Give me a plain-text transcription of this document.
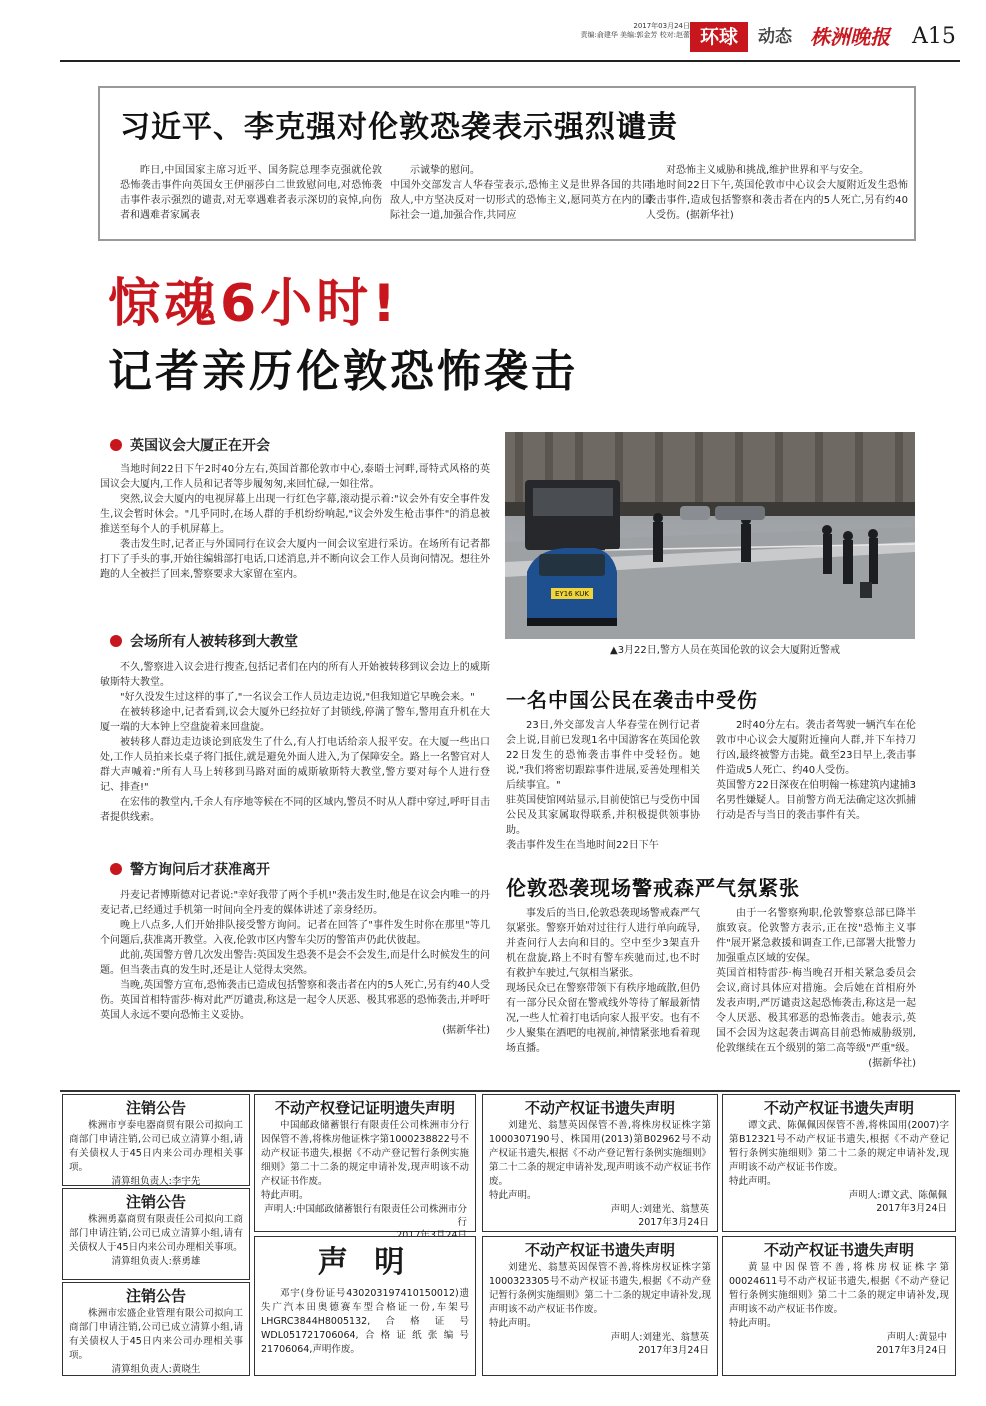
2017年03月24日
责编:俞建华 美编:郭金芳 校对:赵蕾 环球	动态 株洲晚报 A15
习近平、李克强对伦敦恐袭表示强烈谴责

昨日,中国国家主席习近平、国务院总理李克强就伦敦恐怖袭击事件向英国女王伊丽莎白二世致慰问电,对恐怖袭击事件表示强烈的谴责,对无辜遇难者表示深切的哀悼,向伤者和遇难者家属表

示诚挚的慰问。
中国外交部发言人华春莹表示,恐怖主义是世界各国的共同敌人,中方坚决反对一切形式的恐怖主义,愿同英方在内的国际社会一道,加强合作,共同应

对恐怖主义威胁和挑战,维护世界和平与安全。
当地时间22日下午,英国伦敦市中心议会大厦附近发生恐怖袭击事件,造成包括警察和袭击者在内的5人死亡,另有约40人受伤。(据新华社)

惊魂6小时!
记者亲历伦敦恐怖袭击
英国议会大厦正在开会

当地时间22日下午2时40分左右,英国首都伦敦市中心,泰晤士河畔,哥特式风格的英国议会大厦内,工作人员和记者等步履匆匆,来回忙碌,一如往常。

突然,议会大厦内的电视屏幕上出现一行红色字幕,滚动提示着:"议会外有安全事件发生,议会暂时休会。"几乎同时,在场人群的手机纷纷响起,"议会外发生枪击事件"的消息被推送至每个人的手机屏幕上。

袭击发生时,记者正与外国同行在议会大厦内一间会议室进行采访。在场所有记者都打下了手头的事,开始往编辑部打电话,口述消息,并不断向议会工作人员询问情况。想往外跑的人全被拦了回来,警察要求大家留在室内。

会场所有人被转移到大教堂

不久,警察进入议会进行搜查,包括记者们在内的所有人开始被转移到议会边上的威斯敏斯特大教堂。

"好久没发生过这样的事了,"一名议会工作人员边走边说,"但我知道它早晚会来。"

在被转移途中,记者看到,议会大厦外已经拉好了封锁线,停满了警车,警用直升机在大厦一端的大本钟上空盘旋着来回盘旋。

被转移人群边走边谈论到底发生了什么,有人打电话给亲人报平安。在大厦一些出口处,工作人员拍来长桌子将门抵住,就是避免外面人进入,为了保障安全。路上一名警官对人群大声喊着:"所有人马上转移到马路对面的威斯敏斯特大教堂,警方要对每个人进行登记、排查!"

在宏伟的教堂内,千余人有序地等候在不同的区域内,警员不时从人群中穿过,呼吁目击者提供线索。

警方询问后才获准离开

丹麦记者博斯德对记者说:"幸好我带了两个手机!"袭击发生时,他是在议会内唯一的丹麦记者,已经通过手机第一时间向全丹麦的媒体讲述了亲身经历。

晚上八点多,人们开始排队接受警方询问。记者在回答了"事件发生时你在那里"等几个问题后,获准离开教堂。入夜,伦敦市区内警车尖厉的警笛声仍此伏彼起。

此前,英国警方曾几次发出警告:英国发生恐袭不是会不会发生,而是什么时候发生的问题。但当袭击真的发生时,还是让人觉得太突然。

当晚,英国警方宣布,恐怖袭击已造成包括警察和袭击者在内的5人死亡,另有约40人受伤。英国首相特雷莎·梅对此严厉谴责,称这是一起令人厌恶、极其邪恶的恐怖袭击,并呼吁英国人永远不要向恐怖主义妥协。

(据新华社)
EY16 KUK
▲3月22日,警方人员在英国伦敦的议会大厦附近警戒
一名中国公民在袭击中受伤

23日,外交部发言人华春莹在例行记者会上说,目前已发现1名中国游客在英国伦敦22日发生的恐怖袭击事件中受轻伤。她说,"我们将密切跟踪事件进展,妥善处理相关后续事宜。"
驻英国使馆网站显示,目前使馆已与受伤中国公民及其家属取得联系,并积极提供领事协助。
袭击事件发生在当地时间22日下午

2时40分左右。袭击者驾驶一辆汽车在伦敦市中心议会大厦附近撞向人群,并下车持刀行凶,最终被警方击毙。截至23日早上,袭击事件造成5人死亡、约40人受伤。
英国警方22日深夜在伯明翰一栋建筑内逮捕3名男性嫌疑人。目前警方尚无法确定这次抓捕行动是否与当日的袭击事件有关。

伦敦恐袭现场警戒森严气氛紧张

事发后的当日,伦敦恐袭现场警戒森严气氛紧张。警察开始对过往行人进行单向疏导,并查问行人去向和目的。空中至少3架直升机在盘旋,路上不时有警车疾驰而过,也不时有救护车驶过,气氛相当紧张。
现场民众已在警察带领下有秩序地疏散,但仍有一部分民众留在警戒线外等待了解最新情况,一些人忙着打电话向家人报平安。也有不少人聚集在酒吧的电视前,神情紧张地看着现场直播。

由于一名警察殉职,伦敦警察总部已降半旗致哀。伦敦警方表示,正在按"恐怖主义事件"展开紧急救援和调查工作,已部署大批警力加强重点区域的安保。
英国首相特雷莎·梅当晚召开相关紧急委员会会议,商讨具体应对措施。会后她在首相府外发表声明,严厉谴责这起恐怖袭击,称这是一起令人厌恶、极其邪恶的恐怖袭击。她表示,英国不会因为这起袭击调高目前恐怖威胁级别,伦敦继续在五个级别的第二高等级"严重"级。

(据新华社)
注销公告

株洲市亨泰电器商贸有限公司拟向工商部门申请注销,公司已成立清算小组,请有关债权人于45日内来公司办理相关事项。

清算组负责人:李宇先
注销公告

株洲勇嘉商贸有限责任公司拟向工商部门申请注销,公司已成立清算小组,请有关债权人于45日内来公司办理相关事项。

清算组负责人:蔡勇雄
注销公告

株洲市宏盛企业管理有限公司拟向工商部门申请注销,公司已成立清算小组,请有关债权人于45日内来公司办理相关事项。

清算组负责人:黄晓生
不动产权登记证明遗失声明

中国邮政储蓄银行有限责任公司株洲市分行因保管不善,将株房他证株字第1000238822号不动产权证书遗失,根据《不动产登记暂行条例实施细则》第二十二条的规定申请补发,现声明该不动产权证书作废。
特此声明。

声明人:中国邮政储蓄银行有限责任公司株洲市分行
声 明

邓宇(身份证号430203197410150012)遗失广汽本田奥德赛车型合格证一份,车架号LHGRC3844H8005132,合格证号WDL051721706064,合格证纸张编号21706064,声明作废。

不动产权证书遗失声明

刘建光、翁慧英因保管不善,将株房权证株字第1000307190号、株国用(2013)第B02962号不动产权证书遗失,根据《不动产登记暂行条例实施细则》第二十二条的规定申请补发,现声明该不动产权证书作废。
特此声明。

声明人:刘建光、翁慧英
2017年3月24日
不动产权证书遗失声明

刘建光、翁慧英因保管不善,将株房权证株字第1000323305号不动产权证书遗失,根据《不动产登记暂行条例实施细则》第二十二条的规定申请补发,现声明该不动产权证书作废。
特此声明。

声明人:刘建光、翁慧英
2017年3月24日
不动产权证书遗失声明

谭文武、陈佩佩因保管不善,将株国用(2007)字第B12321号不动产权证书遗失,根据《不动产登记暂行条例实施细则》第二十二条的规定申请补发,现声明该不动产权证书作废。
特此声明。

声明人:谭文武、陈佩佩
2017年3月24日
不动产权证书遗失声明

黄显中因保管不善,将株房权证株字第00024611号不动产权证书遗失,根据《不动产登记暂行条例实施细则》第二十二条的规定申请补发,现声明该不动产权证书作废。
特此声明。

声明人:黄显中
2017年3月24日
